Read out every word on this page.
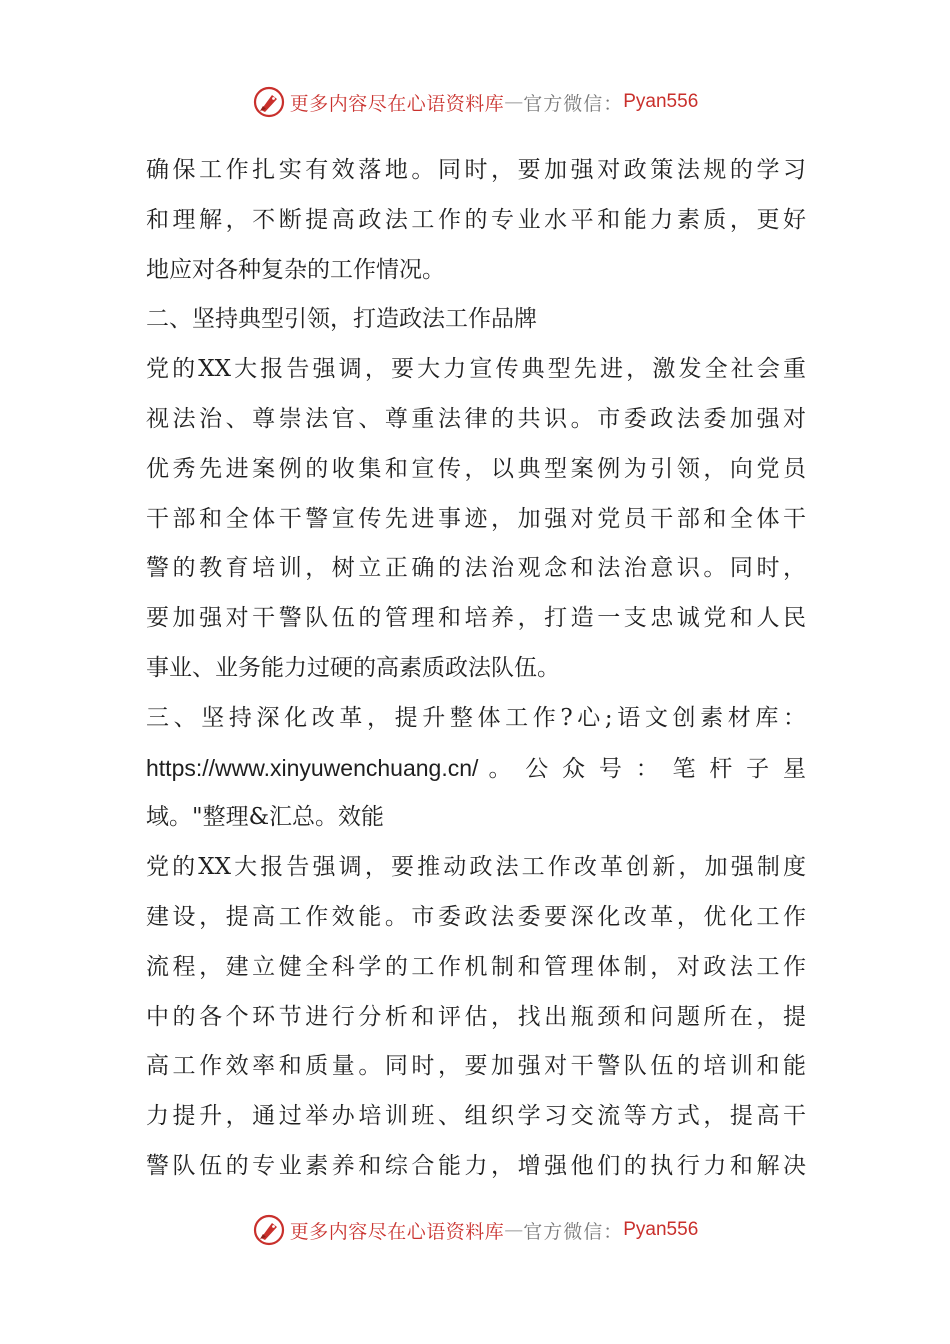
更多内容尽在心语资料库 — 官方微信： Pyan556
确保工作扎实有效落地。同时，要加强对政策法规的学习
和理解，不断提高政法工作的专业水平和能力素质，更好
地应对各种复杂的工作情况。
二、坚持典型引领，打造政法工作品牌
党的XX大报告强调，要大力宣传典型先进，激发全社会重
视法治、尊崇法官、尊重法律的共识。市委政法委加强对
优秀先进案例的收集和宣传，以典型案例为引领，向党员
干部和全体干警宣传先进事迹，加强对党员干部和全体干
警的教育培训，树立正确的法治观念和法治意识。同时，
要加强对干警队伍的管理和培养，打造一支忠诚党和人民
事业、业务能力过硬的高素质政法队伍。
三、坚持深化改革，提升整体工作?心;语文创素材库：
https://www.xinyuwenchuang.cn/ 。 公 众 号 ： 笔 杆 子 星
域。"整理&汇总。效能
党的XX大报告强调，要推动政法工作改革创新，加强制度
建设，提高工作效能。市委政法委要深化改革，优化工作
流程，建立健全科学的工作机制和管理体制，对政法工作
中的各个环节进行分析和评估，找出瓶颈和问题所在，提
高工作效率和质量。同时，要加强对干警队伍的培训和能
力提升，通过举办培训班、组织学习交流等方式，提高干
警队伍的专业素养和综合能力，增强他们的执行力和解决
更多内容尽在心语资料库 — 官方微信： Pyan556
